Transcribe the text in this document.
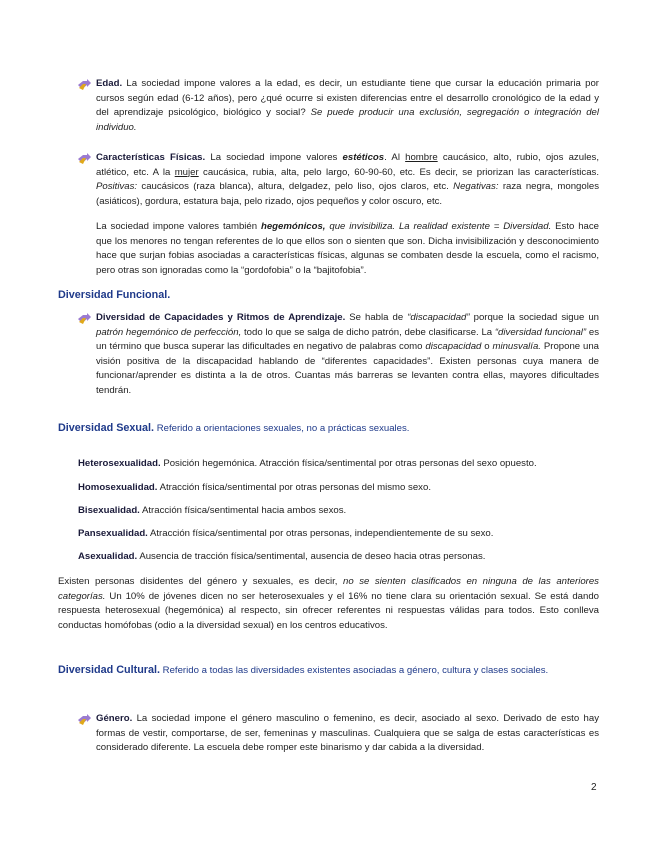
Edad. La sociedad impone valores a la edad, es decir, un estudiante tiene que cursar la educación primaria por cursos según edad (6-12 años), pero ¿qué ocurre si existen diferencias entre el desarrollo cronológico de la edad y del aprendizaje psicológico, biológico y social? Se puede producir una exclusión, segregación o integración del individuo.
Características Físicas. La sociedad impone valores estéticos. Al hombre caucásico, alto, rubio, ojos azules, atlético, etc. A la mujer caucásica, rubia, alta, pelo largo, 60-90-60, etc. Es decir, se priorizan las características. Positivas: caucásicos (raza blanca), altura, delgadez, pelo liso, ojos claros, etc. Negativas: raza negra, mongoles (asiáticos), gordura, estatura baja, pelo rizado, ojos pequeños y color oscuro, etc.
La sociedad impone valores también hegemónicos, que invisibiliza. La realidad existente = Diversidad. Esto hace que los menores no tengan referentes de lo que ellos son o sienten que son. Dicha invisibilización y desconocimiento hace que surjan fobias asociadas a características físicas, algunas se combaten desde la escuela, como el racismo, pero otras son ignoradas como la “gordofobia” o la “bajitofobia”.
Diversidad Funcional.
Diversidad de Capacidades y Ritmos de Aprendizaje. Se habla de “discapacidad” porque la sociedad sigue un patrón hegemónico de perfección, todo lo que se salga de dicho patrón, debe clasificarse. La “diversidad funcional” es un término que busca superar las dificultades en negativo de palabras como discapacidad o minusvalía. Propone una visión positiva de la discapacidad hablando de “diferentes capacidades”. Existen personas cuya manera de funcionar/aprender es distinta a la de otros. Cuantas más barreras se levanten contra ellas, mayores dificultades tendrán.
Diversidad Sexual. Referido a orientaciones sexuales, no a prácticas sexuales.
Heterosexualidad. Posición hegemónica. Atracción física/sentimental por otras personas del sexo opuesto.
Homosexualidad. Atracción física/sentimental por otras personas del mismo sexo.
Bisexualidad. Atracción física/sentimental hacia ambos sexos.
Pansexualidad. Atracción física/sentimental por otras personas, independientemente de su sexo.
Asexualidad. Ausencia de tracción física/sentimental, ausencia de deseo hacia otras personas.
Existen personas disidentes del género y sexuales, es decir, no se sienten clasificados en ninguna de las anteriores categorías. Un 10% de jóvenes dicen no ser heterosexuales y el 16% no tiene clara su orientación sexual. Se está dando respuesta heterosexual (hegemónica) al respecto, sin ofrecer referentes ni respuestas válidas para todos. Esto conlleva conductas homófobas (odio a la diversidad sexual) en los centros educativos.
Diversidad Cultural. Referido a todas las diversidades existentes asociadas a género, cultura y clases sociales.
Género. La sociedad impone el género masculino o femenino, es decir, asociado al sexo. Derivado de esto hay formas de vestir, comportarse, de ser, femeninas y masculinas. Cualquiera que se salga de estas características es considerado diferente. La escuela debe romper este binarismo y dar cabida a la diversidad.
2
